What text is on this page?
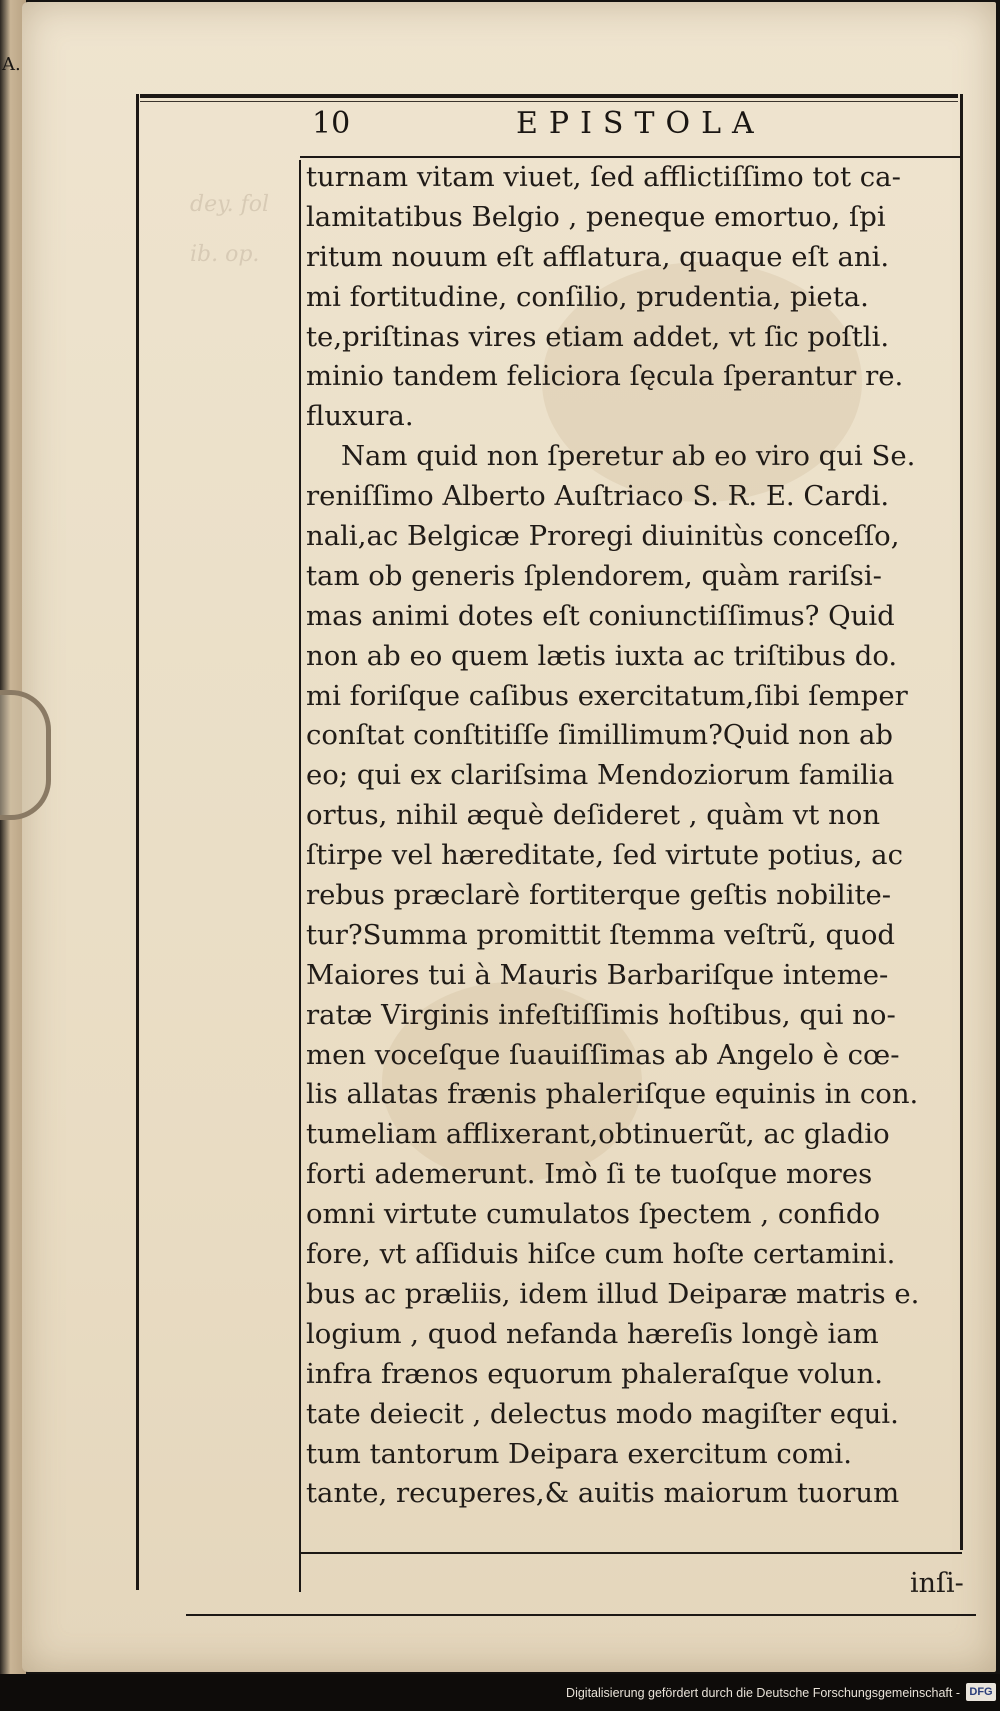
A.
dey. fol
ib. op.
10	EPISTOLA
turnam vitam viuet, ſed afflictiſſimo tot ca-
lamitatibus Belgio , peneque emortuo, ſpi
ritum nouum eſt afflatura, quaque eſt ani.
mi fortitudine, conſilio, prudentia, pieta.
te,priſtinas vires etiam addet, vt ſic poſtli.
minio tandem feliciora ſęcula ſperantur re.
fluxura.
Nam quid non ſperetur ab eo viro qui Se.
reniſſimo Alberto Auſtriaco S. R. E. Cardi.
nali,ac Belgicæ Proregi diuinitùs conceſſo,
tam ob generis ſplendorem, quàm rariſsi-
mas animi dotes eſt coniunctiſſimus? Quid
non ab eo quem lætis iuxta ac triſtibus do.
mi foriſque caſibus exercitatum,ſibi ſemper
conſtat conſtitiſſe ſimillimum?Quid non ab
eo; qui ex clariſsima Mendoziorum familia
ortus, nihil æquè deſideret , quàm vt non
ſtirpe vel hæreditate, ſed virtute potius, ac
rebus præclarè fortiterque geſtis nobilite-
tur?Summa promittit ſtemma veſtrũ, quod
Maiores tui à Mauris Barbariſque inteme-
ratæ Virginis infeſtiſſimis hoſtibus, qui no-
men voceſque ſuauiſſimas ab Angelo è cœ-
lis allatas frænis phaleriſque equinis in con.
tumeliam afflixerant,obtinuerũt, ac gladio
forti ademerunt. Imò ſi te tuoſque mores
omni virtute cumulatos ſpectem , confido
fore, vt aſſiduis hiſce cum hoſte certamini.
bus ac præliis, idem illud Deiparæ matris e.
logium , quod nefanda hæreſis longè iam
infra frænos equorum phaleraſque volun.
tate deiecit , delectus modo magiſter equi.
tum tantorum Deipara exercitum comi.
tante, recuperes,& auitis maiorum tuorum
inſi-
Digitalisierung gefördert durch die Deutsche Forschungsgemeinschaft - DFG
